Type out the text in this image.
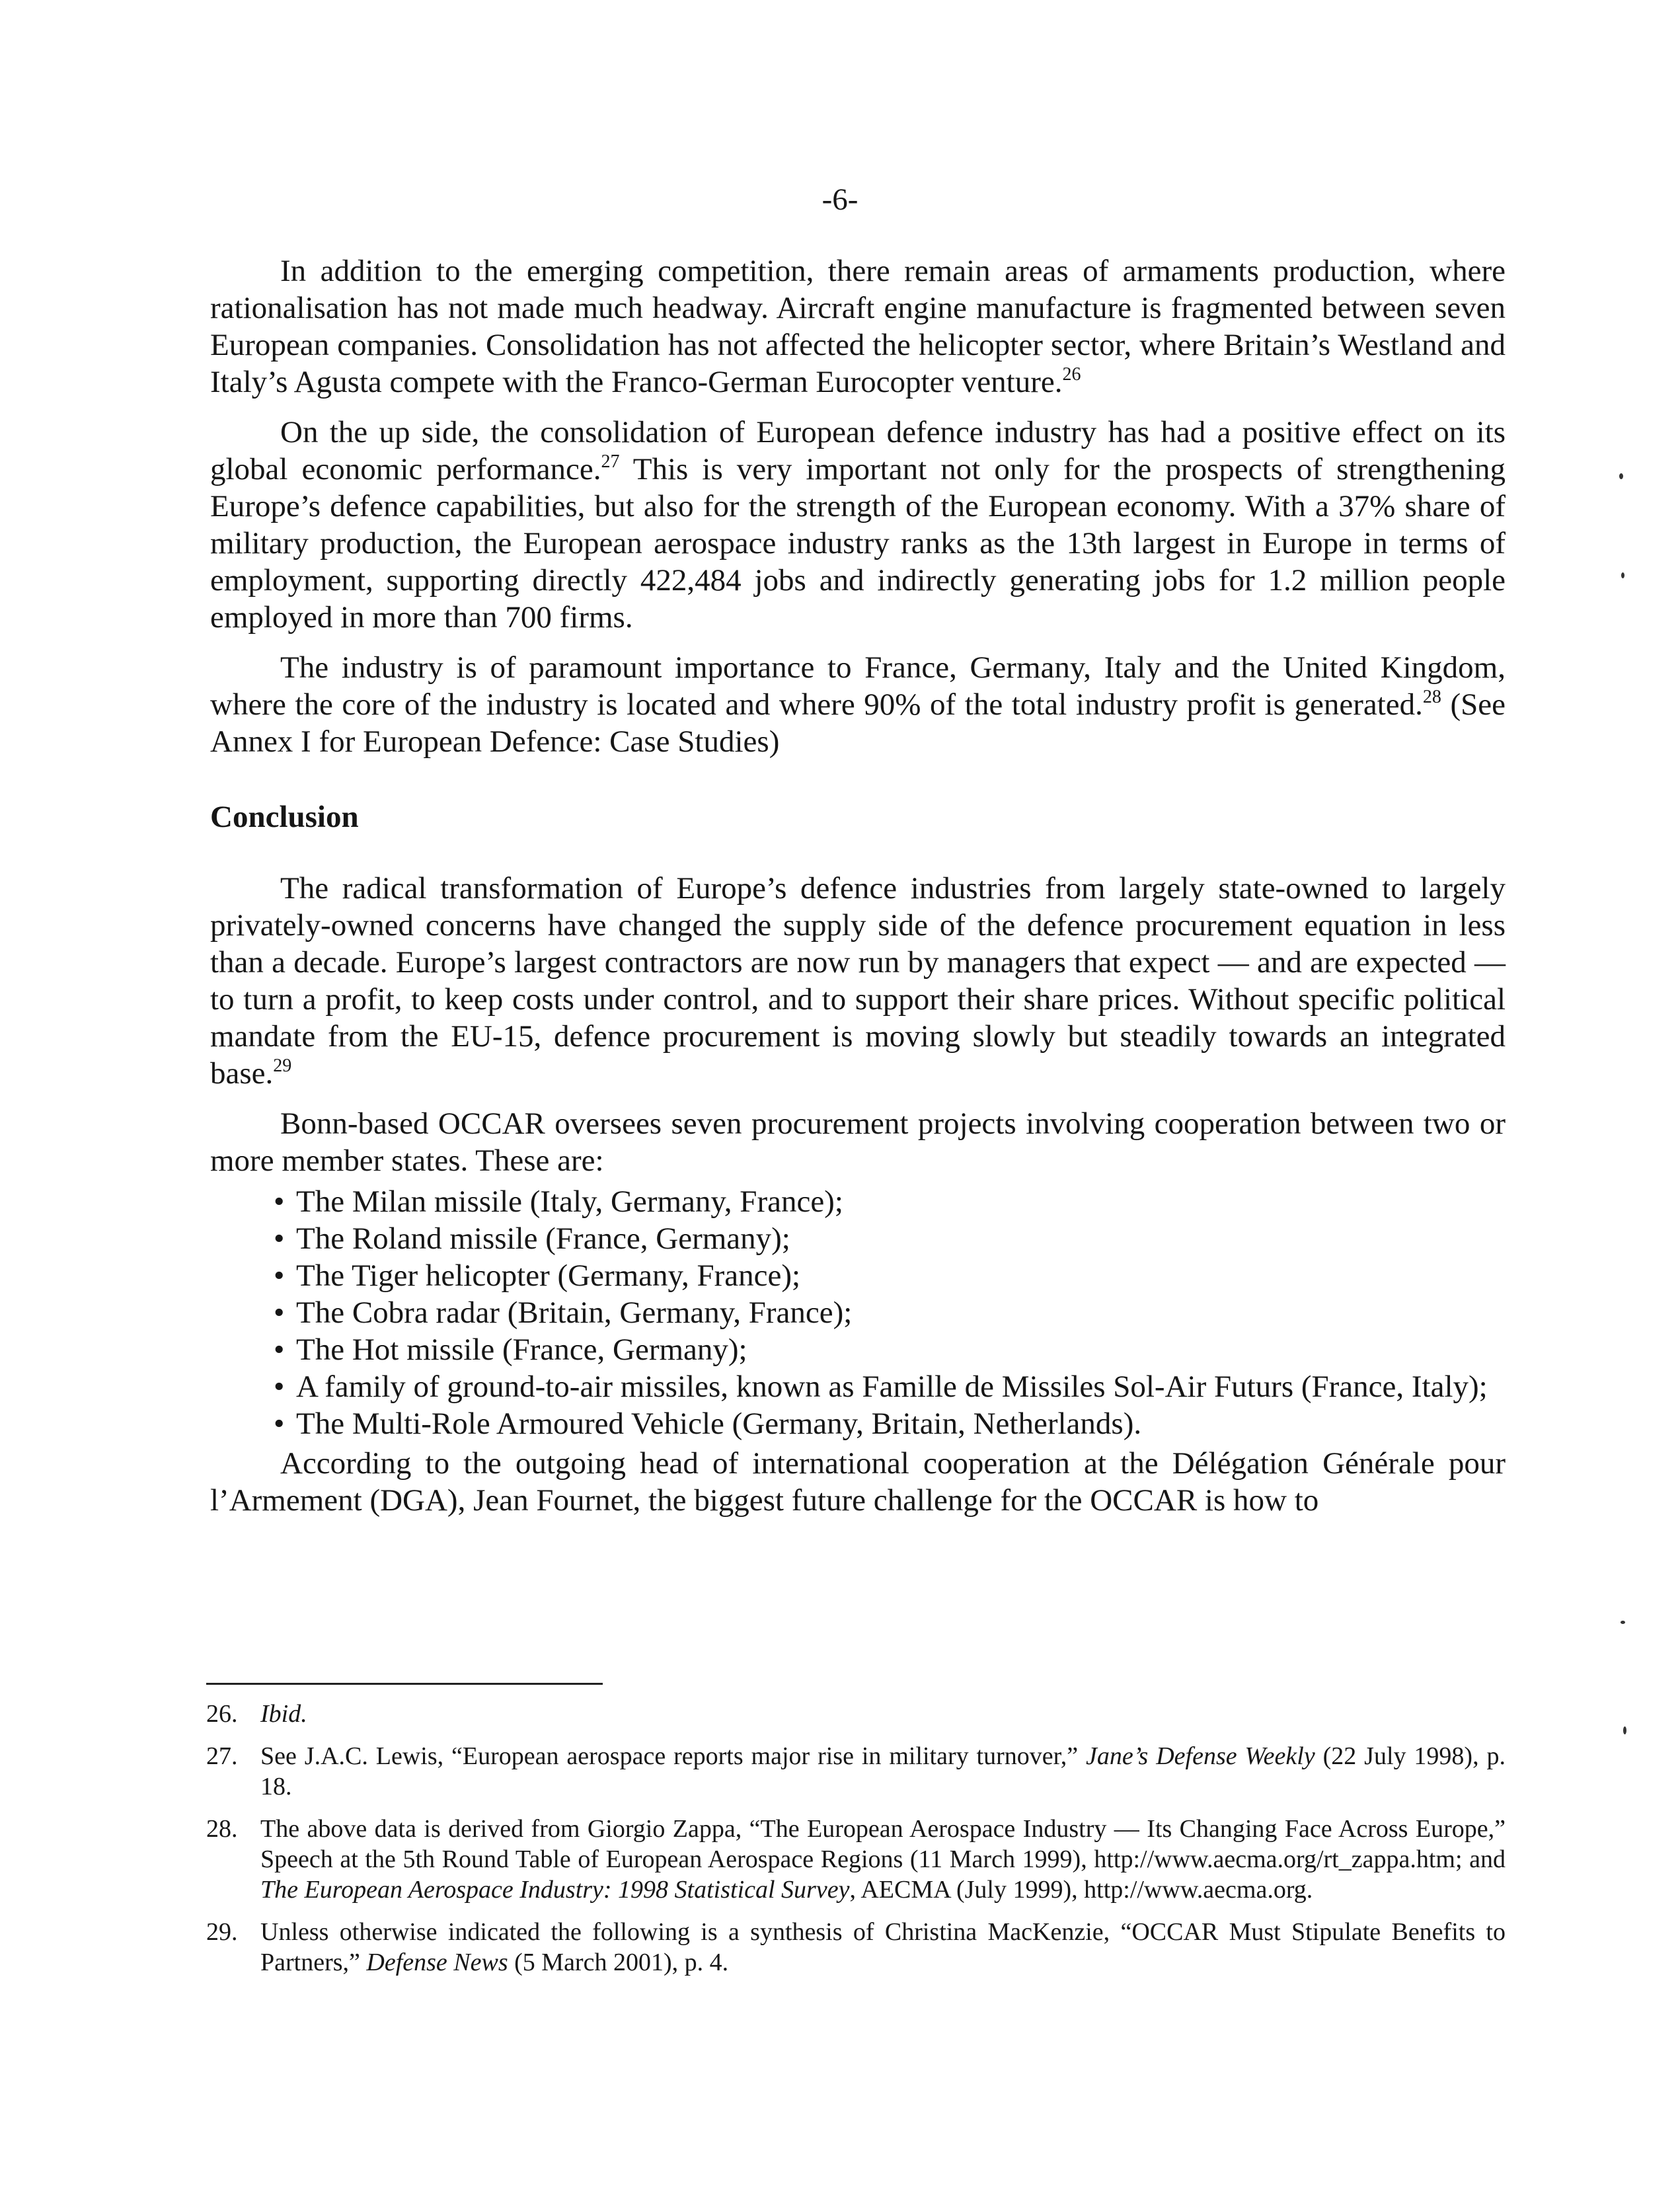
-6-

In addition to the emerging competition, there remain areas of armaments production, where rationalisation has not made much headway. Aircraft engine manufacture is fragmented between seven European companies. Consolidation has not affected the helicopter sector, where Britain’s Westland and Italy’s Agusta compete with the Franco-German Eurocopter venture.$^{26}$

On the up side, the consolidation of European defence industry has had a positive effect on its global economic performance.$^{27}$ This is very important not only for the prospects of strengthening Europe’s defence capabilities, but also for the strength of the European economy. With a 37% share of military production, the European aerospace industry ranks as the 13th largest in Europe in terms of employment, supporting directly 422,484 jobs and indirectly generating jobs for 1.2 million people employed in more than 700 firms.

The industry is of paramount importance to France, Germany, Italy and the United Kingdom, where the core of the industry is located and where 90% of the total industry profit is generated.$^{28}$ (See Annex I for European Defence: Case Studies)

Conclusion

The radical transformation of Europe’s defence industries from largely state-owned to largely privately-owned concerns have changed the supply side of the defence procurement equation in less than a decade. Europe’s largest contractors are now run by managers that expect — and are expected — to turn a profit, to keep costs under control, and to support their share prices. Without specific political mandate from the EU-15, defence procurement is moving slowly but steadily towards an integrated base.$^{29}$

Bonn-based OCCAR oversees seven procurement projects involving cooperation between two or more member states. These are:

• The Milan missile (Italy, Germany, France);
• The Roland missile (France, Germany);
• The Tiger helicopter (Germany, France);
• The Cobra radar (Britain, Germany, France);
• The Hot missile (France, Germany);
• A family of ground-to-air missiles, known as Famille de Missiles Sol-Air Futurs (France, Italy);
• The Multi-Role Armoured Vehicle (Germany, Britain, Netherlands).

According to the outgoing head of international cooperation at the Délégation Générale pour l’Armement (DGA), Jean Fournet, the biggest future challenge for the OCCAR is how to

26. Ibid.
27. See J.A.C. Lewis, “European aerospace reports major rise in military turnover,” Jane’s Defense Weekly (22 July 1998), p. 18.
28. The above data is derived from Giorgio Zappa, “The European Aerospace Industry — Its Changing Face Across Europe,” Speech at the 5th Round Table of European Aerospace Regions (11 March 1999), http://www.aecma.org/rt_zappa.htm; and The European Aerospace Industry: 1998 Statistical Survey, AECMA (July 1999), http://www.aecma.org.
29. Unless otherwise indicated the following is a synthesis of Christina MacKenzie, “OCCAR Must Stipulate Benefits to Partners,” Defense News (5 March 2001), p. 4.
